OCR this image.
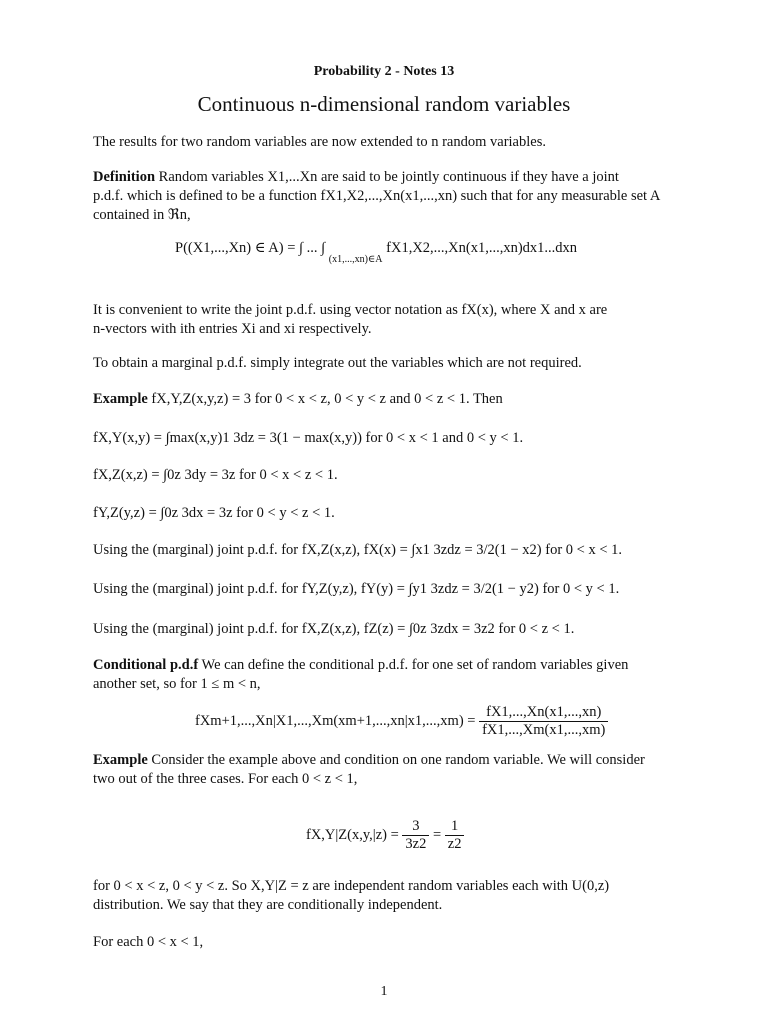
Probability 2 - Notes 13
Continuous n-dimensional random variables
The results for two random variables are now extended to n random variables.
Definition Random variables X1,...Xn are said to be jointly continuous if they have a joint
p.d.f. which is defined to be a function fX1,X2,...,Xn(x1,...,xn) such that for any measurable set A
contained in ℜn,
P((X1,...,Xn) ∈ A) = ∫ ... ∫ $_{(x1,...,xn)\in A}$ fX1,X2,...,Xn(x1,...,xn)dx1...dxn
It is convenient to write the joint p.d.f. using vector notation as fX(x), where X and x are
n-vectors with ith entries Xi and xi respectively.
To obtain a marginal p.d.f. simply integrate out the variables which are not required.
Example fX,Y,Z(x,y,z) = 3 for 0 < x < z, 0 < y < z and 0 < z < 1. Then
fX,Y(x,y) = ∫max(x,y)1 3dz = 3(1 − max(x,y)) for 0 < x < 1 and 0 < y < 1.
fX,Z(x,z) = ∫0z 3dy = 3z for 0 < x < z < 1.
fY,Z(y,z) = ∫0z 3dx = 3z for 0 < y < z < 1.
Using the (marginal) joint p.d.f. for fX,Z(x,z), fX(x) = ∫x1 3zdz = 3/2(1 − x2) for 0 < x < 1.
Using the (marginal) joint p.d.f. for fY,Z(y,z), fY(y) = ∫y1 3zdz = 3/2(1 − y2) for 0 < y < 1.
Using the (marginal) joint p.d.f. for fX,Z(x,z), fZ(z) = ∫0z 3zdx = 3z2 for 0 < z < 1.
Conditional p.d.f We can define the conditional p.d.f. for one set of random variables given
another set, so for 1 ≤ m < n,
$fXm+1,...,Xn|X1,...,Xm(xm+1,...,xn|x1,...,xm) = \frac{fX1,...,Xn(x1,...,xn)}{fX1,...,Xm(x1,...,xm)}$
Example Consider the example above and condition on one random variable. We will consider
two out of the three cases. For each 0 < z < 1,
$fX,Y|Z(x,y,|z) = \frac{3}{3z2} = \frac{1}{z2}$
for 0 < x < z, 0 < y < z. So X,Y|Z = z are independent random variables each with U(0,z)
distribution. We say that they are conditionally independent.
For each 0 < x < 1,
1
